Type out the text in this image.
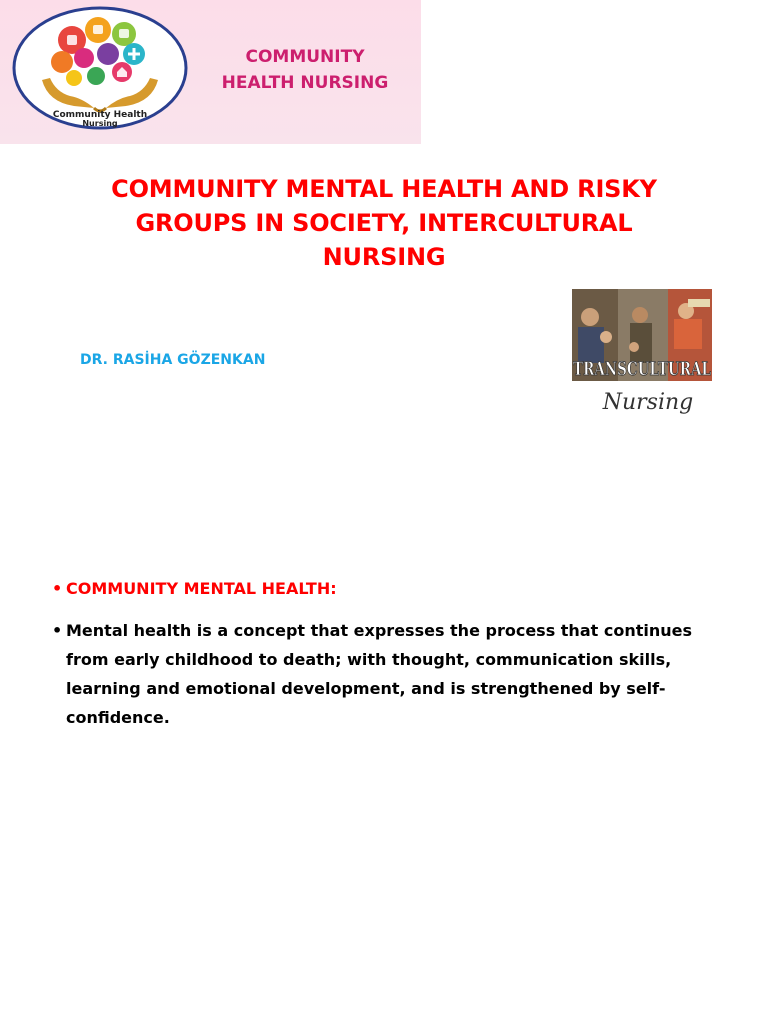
Community Health
Nursing
COMMUNITY
HEALTH NURSING
COMMUNITY MENTAL HEALTH AND RISKY GROUPS IN SOCIETY, INTERCULTURAL NURSING
DR. RASİHA GÖZENKAN	TRANSCULTURAL
Nursing
• COMMUNITY MENTAL HEALTH:
• Mental health is a concept that expresses the process that continues from early childhood to death; with thought, communication skills, learning and emotional development, and is strengthened by self-confidence.
